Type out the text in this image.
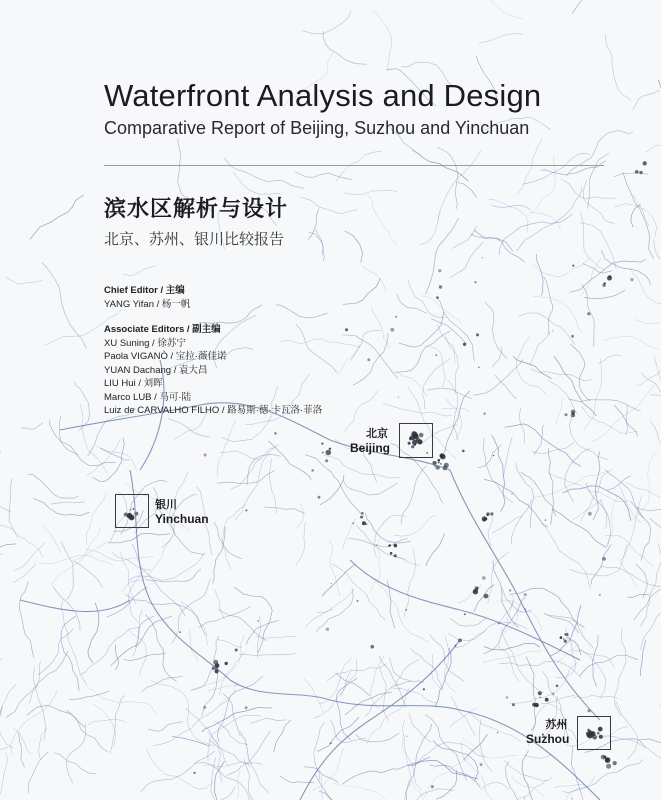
Waterfront Analysis and Design
Comparative Report of Beijing, Suzhou and Yinchuan
滨水区解析与设计
北京、苏州、银川比较报告
Chief Editor / 主编
YANG Yifan / 杨一帆
Associate Editors / 副主编
XU Suning / 徐苏宁
Paola VIGANÒ / 宝拉·薇佳诺
YUAN Dachang / 袁大昌
LIU Hui / 刘晖
Marco LUB / 马可·陆
Luiz de CARVALHO FILHO / 路易斯·德·卡瓦洛·菲洛
北京
Beijing
银川
Yinchuan
苏州
Suzhou
